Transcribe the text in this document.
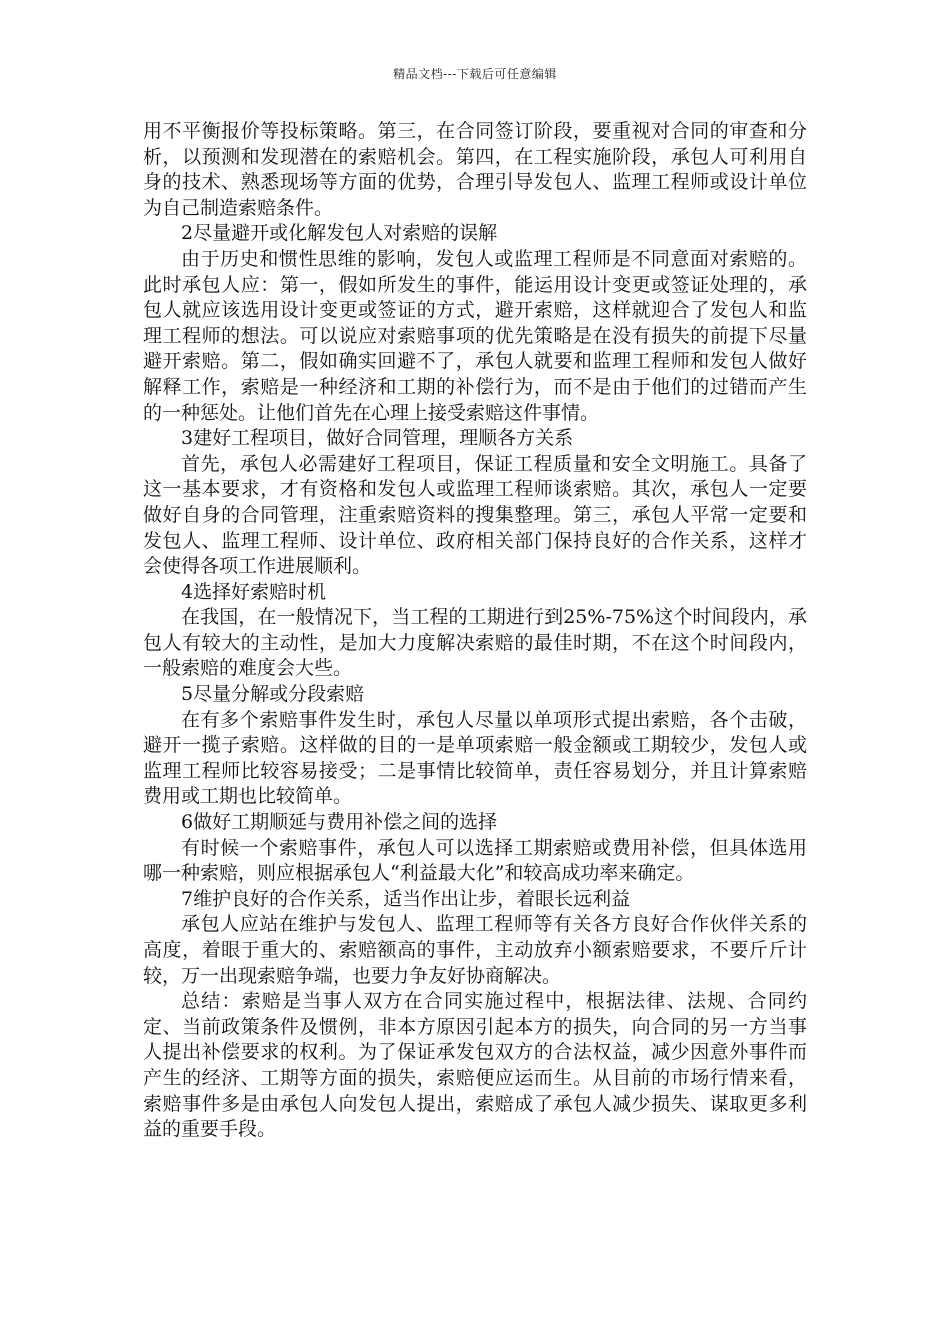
精品文档---下载后可任意编辑

用不平衡报价等投标策略。第三，在合同签订阶段，要重视对合同的审查和分析，以预测和发现潜在的索赔机会。第四，在工程实施阶段，承包人可利用自身的技术、熟悉现场等方面的优势，合理引导发包人、监理工程师或设计单位为自己制造索赔条件。

2尽量避开或化解发包人对索赔的误解

由于历史和惯性思维的影响，发包人或监理工程师是不同意面对索赔的。此时承包人应：第一，假如所发生的事件，能运用设计变更或签证处理的，承包人就应该选用设计变更或签证的方式，避开索赔，这样就迎合了发包人和监理工程师的想法。可以说应对索赔事项的优先策略是在没有损失的前提下尽量避开索赔。第二，假如确实回避不了，承包人就要和监理工程师和发包人做好解释工作，索赔是一种经济和工期的补偿行为，而不是由于他们的过错而产生的一种惩处。让他们首先在心理上接受索赔这件事情。

3建好工程项目，做好合同管理，理顺各方关系

首先，承包人必需建好工程项目，保证工程质量和安全文明施工。具备了这一基本要求，才有资格和发包人或监理工程师谈索赔。其次，承包人一定要做好自身的合同管理，注重索赔资料的搜集整理。第三，承包人平常一定要和发包人、监理工程师、设计单位、政府相关部门保持良好的合作关系，这样才会使得各项工作进展顺利。

4选择好索赔时机

在我国，在一般情况下，当工程的工期进行到25%-75%这个时间段内，承包人有较大的主动性，是加大力度解决索赔的最佳时期，不在这个时间段内，一般索赔的难度会大些。

5尽量分解或分段索赔

在有多个索赔事件发生时，承包人尽量以单项形式提出索赔，各个击破，避开一揽子索赔。这样做的目的一是单项索赔一般金额或工期较少，发包人或监理工程师比较容易接受；二是事情比较简单，责任容易划分，并且计算索赔费用或工期也比较简单。

6做好工期顺延与费用补偿之间的选择

有时候一个索赔事件，承包人可以选择工期索赔或费用补偿，但具体选用哪一种索赔，则应根据承包人“利益最大化”和较高成功率来确定。

7维护良好的合作关系，适当作出让步，着眼长远利益

承包人应站在维护与发包人、监理工程师等有关各方良好合作伙伴关系的高度，着眼于重大的、索赔额高的事件，主动放弃小额索赔要求，不要斤斤计较，万一出现索赔争端，也要力争友好协商解决。

总结：索赔是当事人双方在合同实施过程中，根据法律、法规、合同约定、当前政策条件及惯例，非本方原因引起本方的损失，向合同的另一方当事人提出补偿要求的权利。为了保证承发包双方的合法权益，减少因意外事件而产生的经济、工期等方面的损失，索赔便应运而生。从目前的市场行情来看，索赔事件多是由承包人向发包人提出，索赔成了承包人减少损失、谋取更多利益的重要手段。
